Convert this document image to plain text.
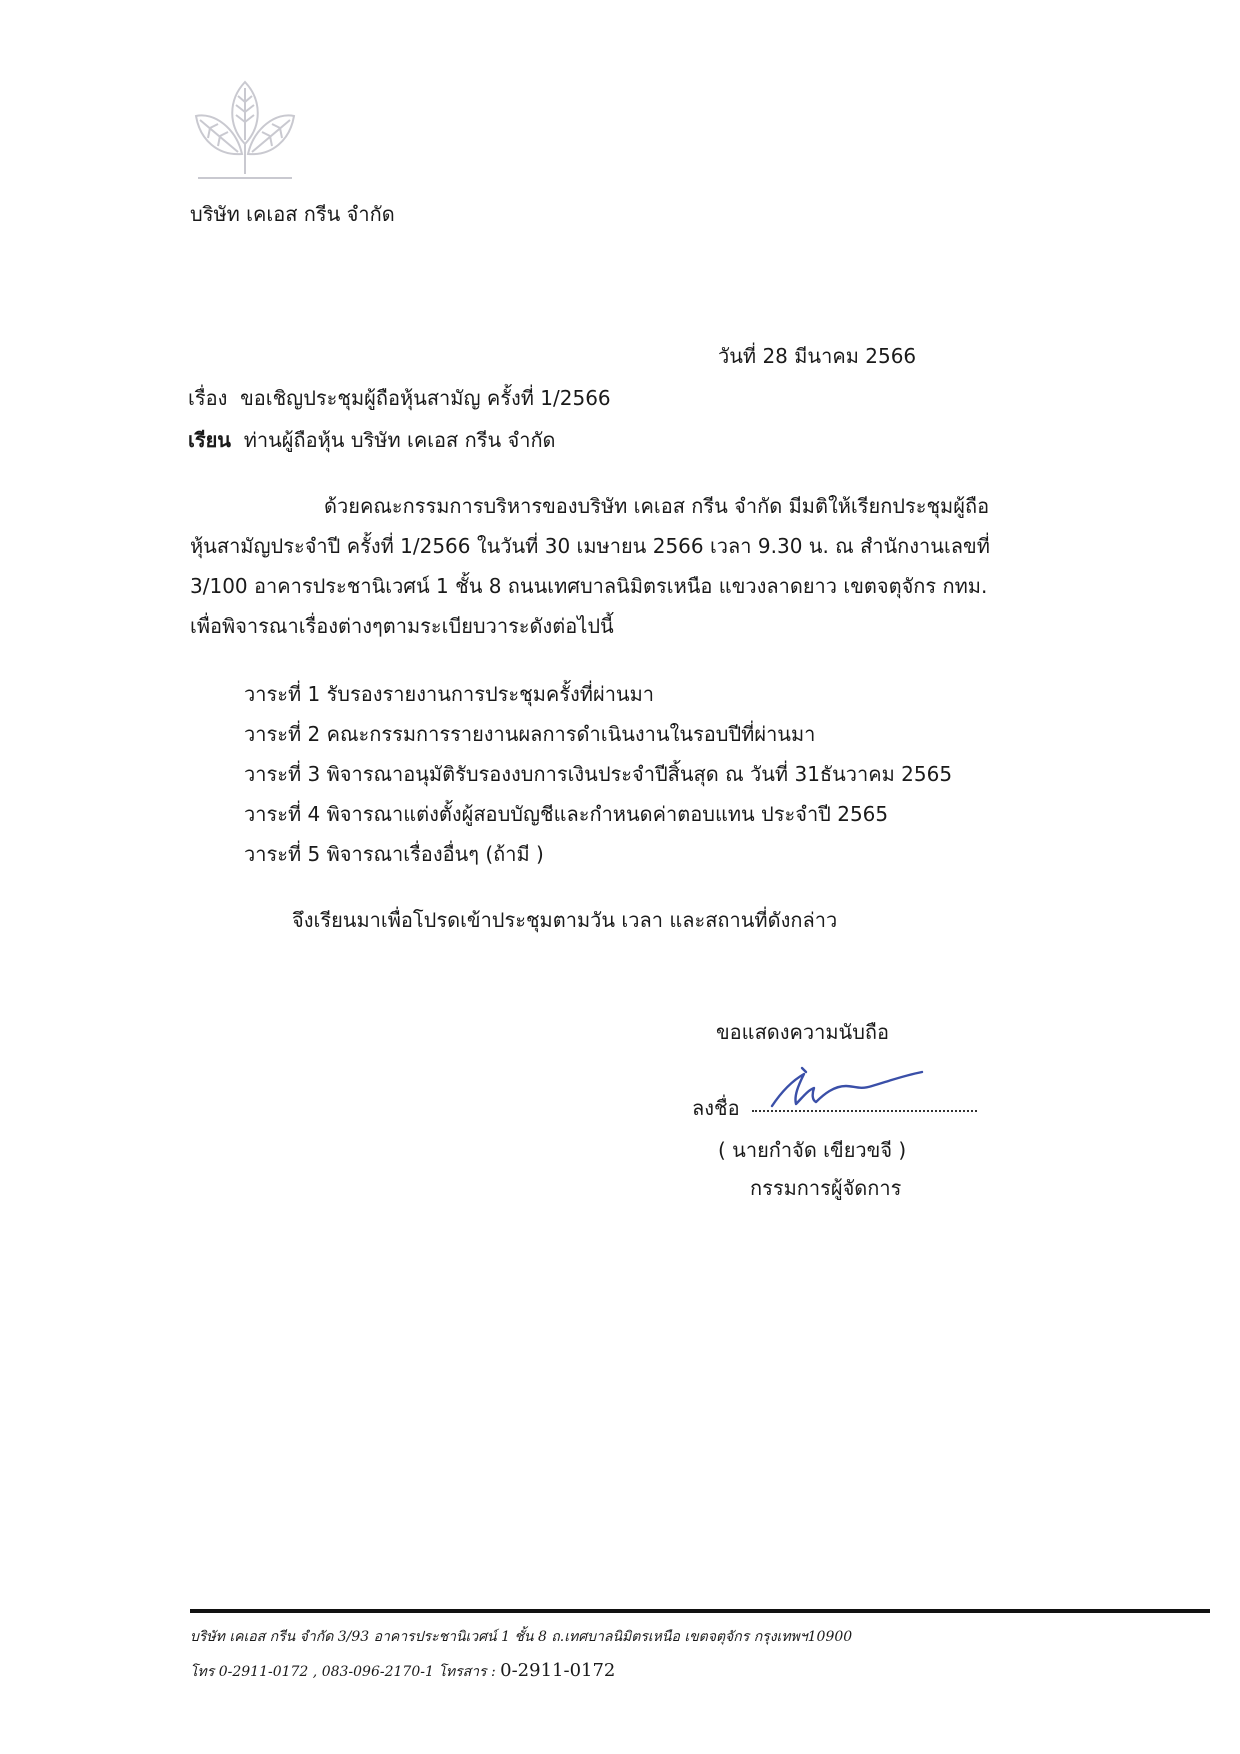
บริษัท เคเอส กรีน จำกัด
วันที่ 28 มีนาคม 2566
เรื่อง ขอเชิญประชุมผู้ถือหุ้นสามัญ ครั้งที่ 1/2566
เรียน ท่านผู้ถือหุ้น บริษัท เคเอส กรีน จำกัด
ด้วยคณะกรรมการบริหารของบริษัท เคเอส กรีน จำกัด มีมติให้เรียกประชุมผู้ถือ
หุ้นสามัญประจำปี ครั้งที่ 1/2566 ในวันที่ 30 เมษายน 2566 เวลา 9.30 น. ณ สำนักงานเลขที่
3/100 อาคารประชานิเวศน์ 1 ชั้น 8 ถนนเทศบาลนิมิตรเหนือ แขวงลาดยาว เขตจตุจักร กทม.
เพื่อพิจารณาเรื่องต่างๆตามระเบียบวาระดังต่อไปนี้
วาระที่ 1 รับรองรายงานการประชุมครั้งที่ผ่านมา
วาระที่ 2 คณะกรรมการรายงานผลการดำเนินงานในรอบปีที่ผ่านมา
วาระที่ 3 พิจารณาอนุมัติรับรองงบการเงินประจำปีสิ้นสุด ณ วันที่ 31ธันวาคม 2565
วาระที่ 4 พิจารณาแต่งตั้งผู้สอบบัญชีและกำหนดค่าตอบแทน ประจำปี 2565
วาระที่ 5 พิจารณาเรื่องอื่นๆ (ถ้ามี )
จึงเรียนมาเพื่อโปรดเข้าประชุมตามวัน เวลา และสถานที่ดังกล่าว
ขอแสดงความนับถือ
ลงชื่อ
( นายกำจัด เขียวขจี )
กรรมการผู้จัดการ
บริษัท เคเอส กรีน จำกัด 3/93 อาคารประชานิเวศน์ 1 ชั้น 8 ถ.เทศบาลนิมิตรเหนือ เขตจตุจักร กรุงเทพฯ10900
โทร 0-2911-0172 , 083-096-2170-1 โทรสาร : 0-2911-0172
